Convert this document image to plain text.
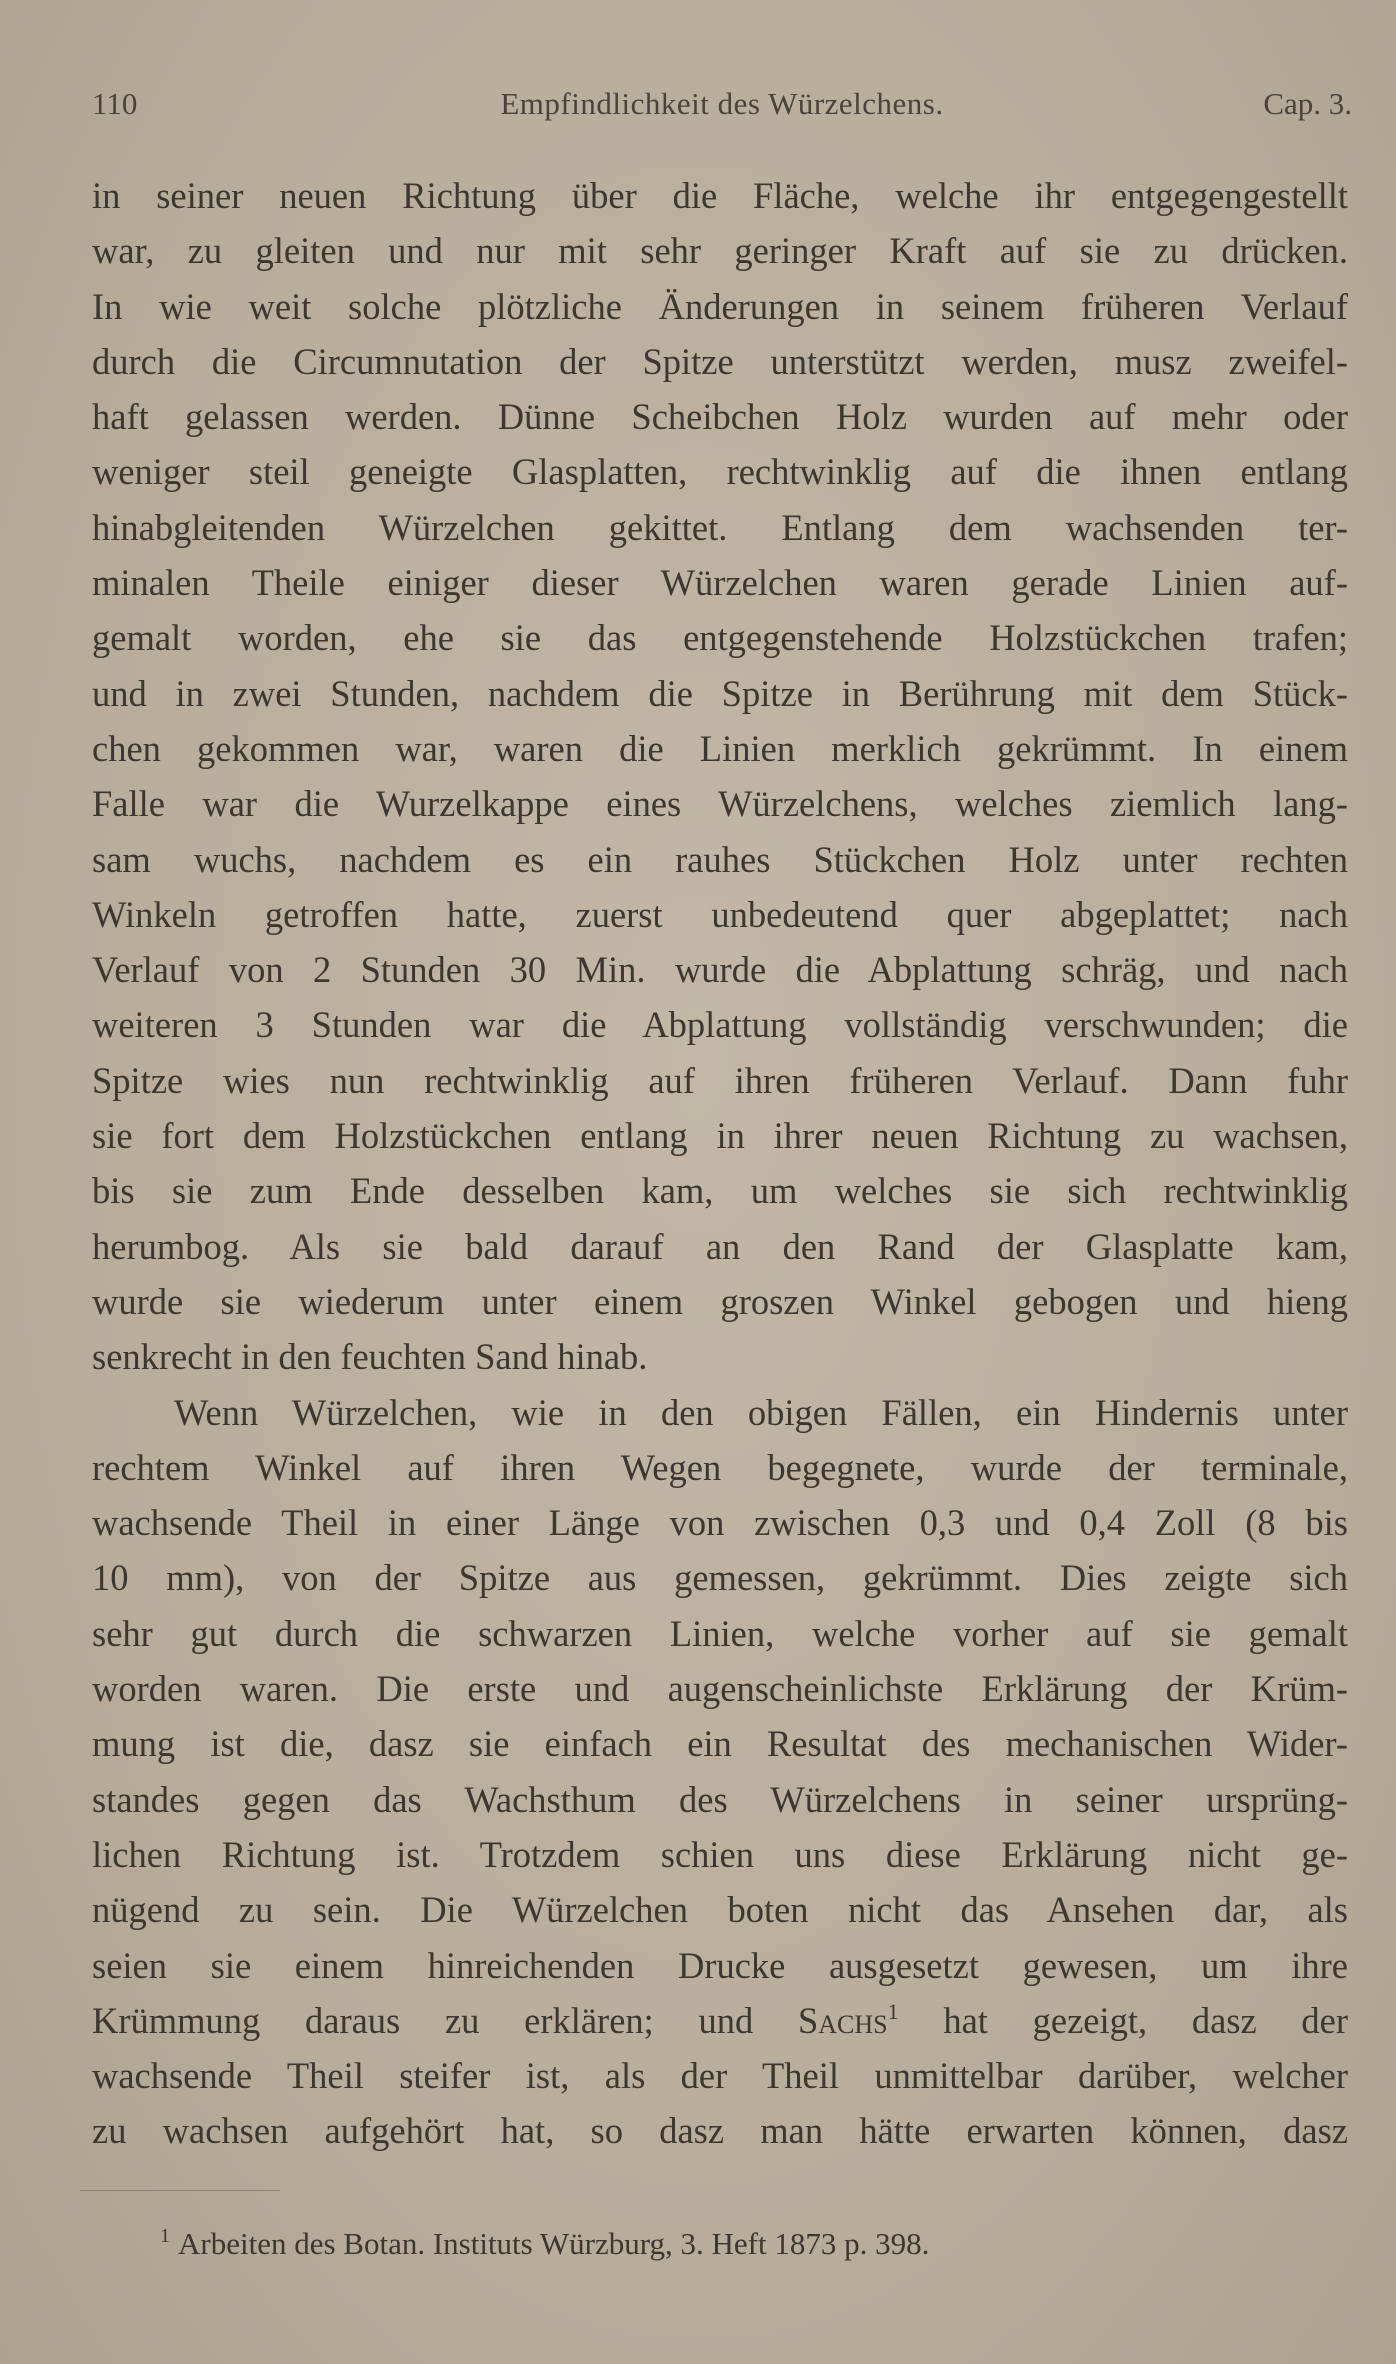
110	Empfindlichkeit des Würzelchens.	Cap. 3.
in seiner neuen Richtung über die Fläche, welche ihr entgegengestellt
war, zu gleiten und nur mit sehr geringer Kraft auf sie zu drücken.
In wie weit solche plötzliche Änderungen in seinem früheren Verlauf
durch die Circumnutation der Spitze unterstützt werden, musz zweifel-
haft gelassen werden. Dünne Scheibchen Holz wurden auf mehr oder
weniger steil geneigte Glasplatten, rechtwinklig auf die ihnen entlang
hinabgleitenden Würzelchen gekittet. Entlang dem wachsenden ter-
minalen Theile einiger dieser Würzelchen waren gerade Linien auf-
gemalt worden, ehe sie das entgegenstehende Holzstückchen trafen;
und in zwei Stunden, nachdem die Spitze in Berührung mit dem Stück-
chen gekommen war, waren die Linien merklich gekrümmt. In einem
Falle war die Wurzelkappe eines Würzelchens, welches ziemlich lang-
sam wuchs, nachdem es ein rauhes Stückchen Holz unter rechten
Winkeln getroffen hatte, zuerst unbedeutend quer abgeplattet; nach
Verlauf von 2 Stunden 30 Min. wurde die Abplattung schräg, und nach
weiteren 3 Stunden war die Abplattung vollständig verschwunden; die
Spitze wies nun rechtwinklig auf ihren früheren Verlauf. Dann fuhr
sie fort dem Holzstückchen entlang in ihrer neuen Richtung zu wachsen,
bis sie zum Ende desselben kam, um welches sie sich rechtwinklig
herumbog. Als sie bald darauf an den Rand der Glasplatte kam,
wurde sie wiederum unter einem groszen Winkel gebogen und hieng
senkrecht in den feuchten Sand hinab.
Wenn Würzelchen, wie in den obigen Fällen, ein Hindernis unter
rechtem Winkel auf ihren Wegen begegnete, wurde der terminale,
wachsende Theil in einer Länge von zwischen 0,3 und 0,4 Zoll (8 bis
10 mm), von der Spitze aus gemessen, gekrümmt. Dies zeigte sich
sehr gut durch die schwarzen Linien, welche vorher auf sie gemalt
worden waren. Die erste und augenscheinlichste Erklärung der Krüm-
mung ist die, dasz sie einfach ein Resultat des mechanischen Wider-
standes gegen das Wachsthum des Würzelchens in seiner ursprüng-
lichen Richtung ist. Trotzdem schien uns diese Erklärung nicht ge-
nügend zu sein. Die Würzelchen boten nicht das Ansehen dar, als
seien sie einem hinreichenden Drucke ausgesetzt gewesen, um ihre
Krümmung daraus zu erklären; und Sachs$^1$ hat gezeigt, dasz der
wachsende Theil steifer ist, als der Theil unmittelbar darüber, welcher
zu wachsen aufgehört hat, so dasz man hätte erwarten können, dasz
$^1$ Arbeiten des Botan. Instituts Würzburg, 3. Heft 1873 p. 398.
